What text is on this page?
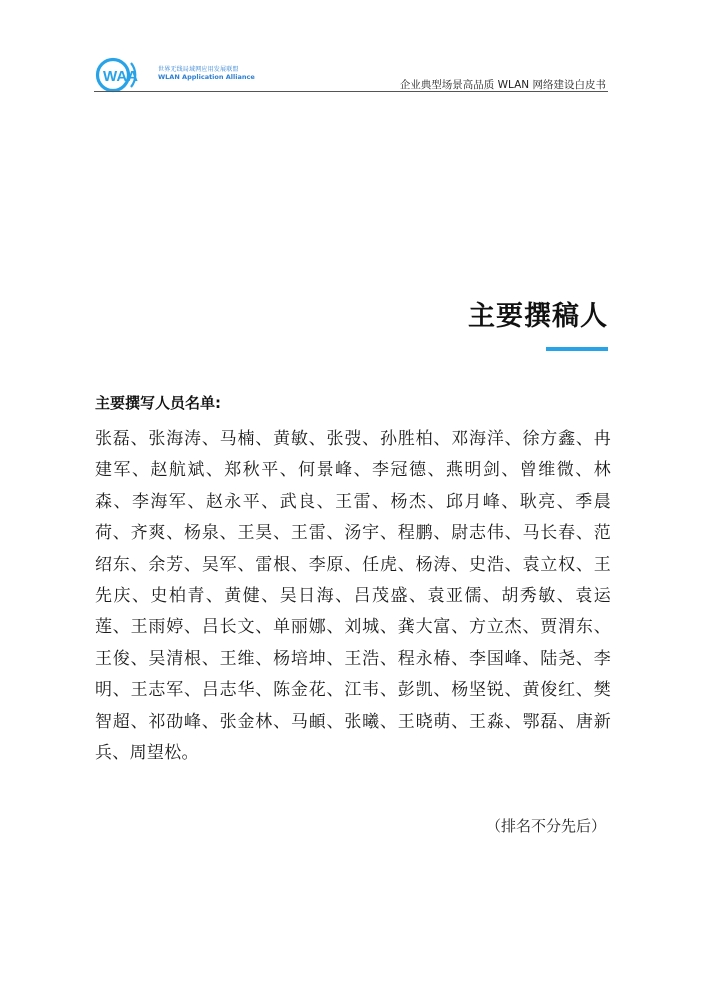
WAA	世界无线局域网应用发展联盟
WLAN Application Alliance
企业典型场景高品质 WLAN 网络建设白皮书
主要撰稿人
主要撰写人员名单:
张磊、张海涛、马楠、黄敏、张弢、孙胜柏、邓海洋、徐方鑫、冉建军、赵航斌、郑秋平、何景峰、李冠德、燕明剑、曾维微、林森、李海军、赵永平、武良、王雷、杨杰、邱月峰、耿亮、季晨荷、齐爽、杨泉、王昊、王雷、汤宇、程鹏、尉志伟、马长春、范绍东、余芳、吴军、雷根、李原、任虎、杨涛、史浩、袁立权、王先庆、史柏青、黄健、吴日海、吕茂盛、袁亚儒、胡秀敏、袁运莲、王雨婷、吕长文、单丽娜、刘城、龚大富、方立杰、贾渭东、王俊、吴清根、王维、杨培坤、王浩、程永椿、李国峰、陆尧、李明、王志军、吕志华、陈金花、江韦、彭凯、杨坚锐、黄俊红、樊智超、祁劭峰、张金林、马頔、张曦、王晓萌、王淼、鄂磊、唐新兵、周望松。
（排名不分先后）
